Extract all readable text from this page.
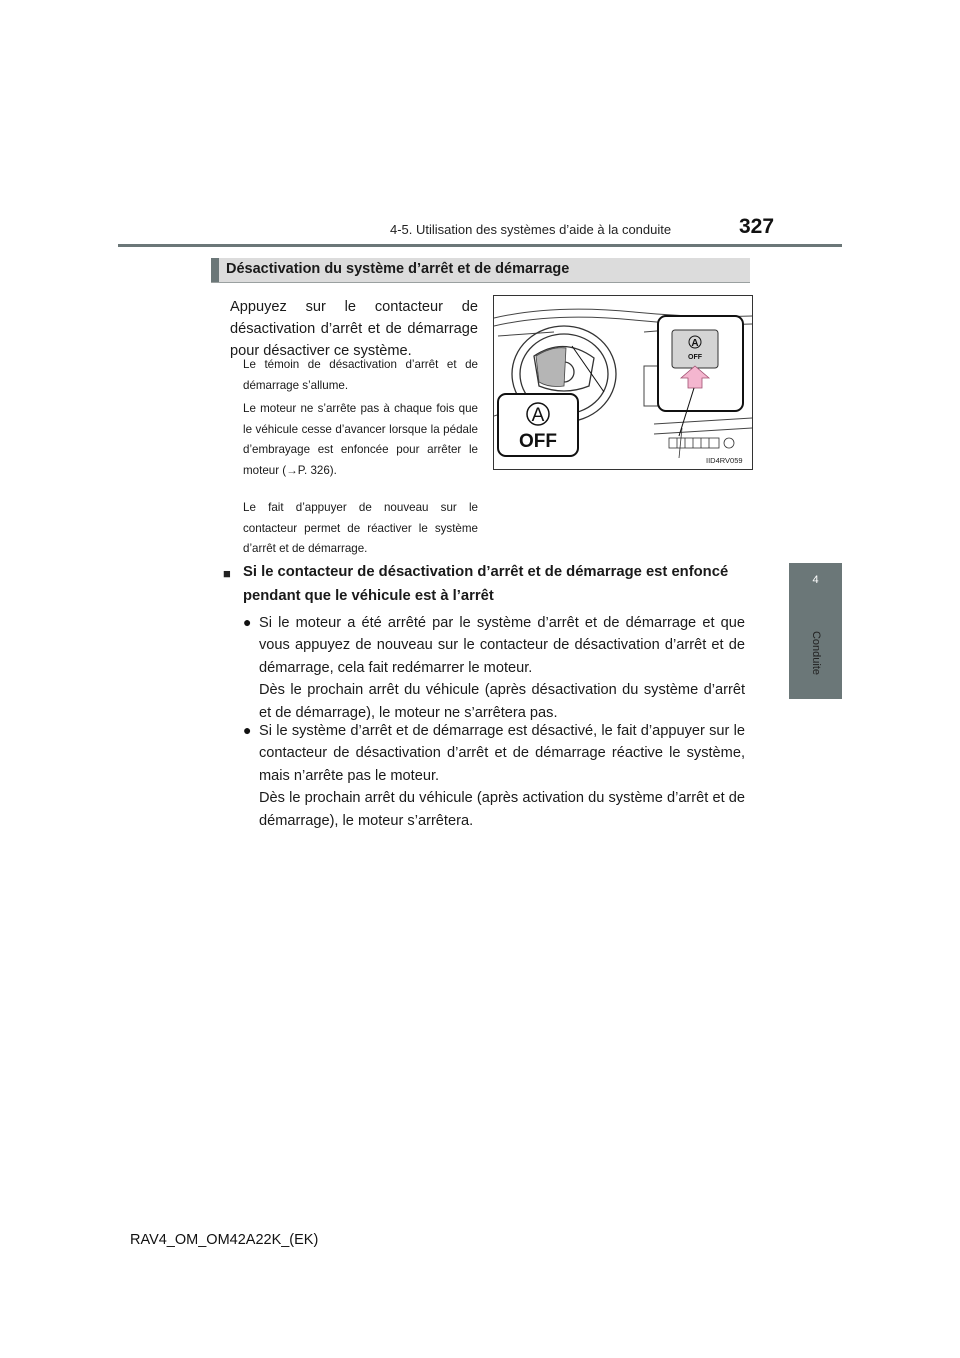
4-5. Utilisation des systèmes d’aide à la conduite	327
4
Conduite
Désactivation du système d’arrêt et de démarrage
Appuyez sur le contacteur de désactivation d’arrêt et de démarrage pour désactiver ce système.
Le témoin de désactivation d’arrêt et de démarrage s’allume.
Le moteur ne s’arrête pas à chaque fois que le véhicule cesse d’avancer lorsque la pédale d’embrayage est enfoncée pour arrêter le moteur (→P. 326).
Le fait d’appuyer de nouveau sur le contacteur permet de réactiver le système d’arrêt et de démarrage.
A
OFF
A
OFF
IID4RV059
■ Si le contacteur de désactivation d’arrêt et de démarrage est enfoncé pendant que le véhicule est à l’arrêt
● Si le moteur a été arrêté par le système d’arrêt et de démarrage et que vous appuyez de nouveau sur le contacteur de désactivation d’arrêt et de démarrage, cela fait redémarrer le moteur.
Dès le prochain arrêt du véhicule (après désactivation du système d’arrêt et de démarrage), le moteur ne s’arrêtera pas.
● Si le système d’arrêt et de démarrage est désactivé, le fait d’appuyer sur le contacteur de désactivation d’arrêt et de démarrage réactive le système, mais n’arrête pas le moteur.
Dès le prochain arrêt du véhicule (après activation du système d’arrêt et de démarrage), le moteur s’arrêtera.
RAV4_OM_OM42A22K_(EK)
